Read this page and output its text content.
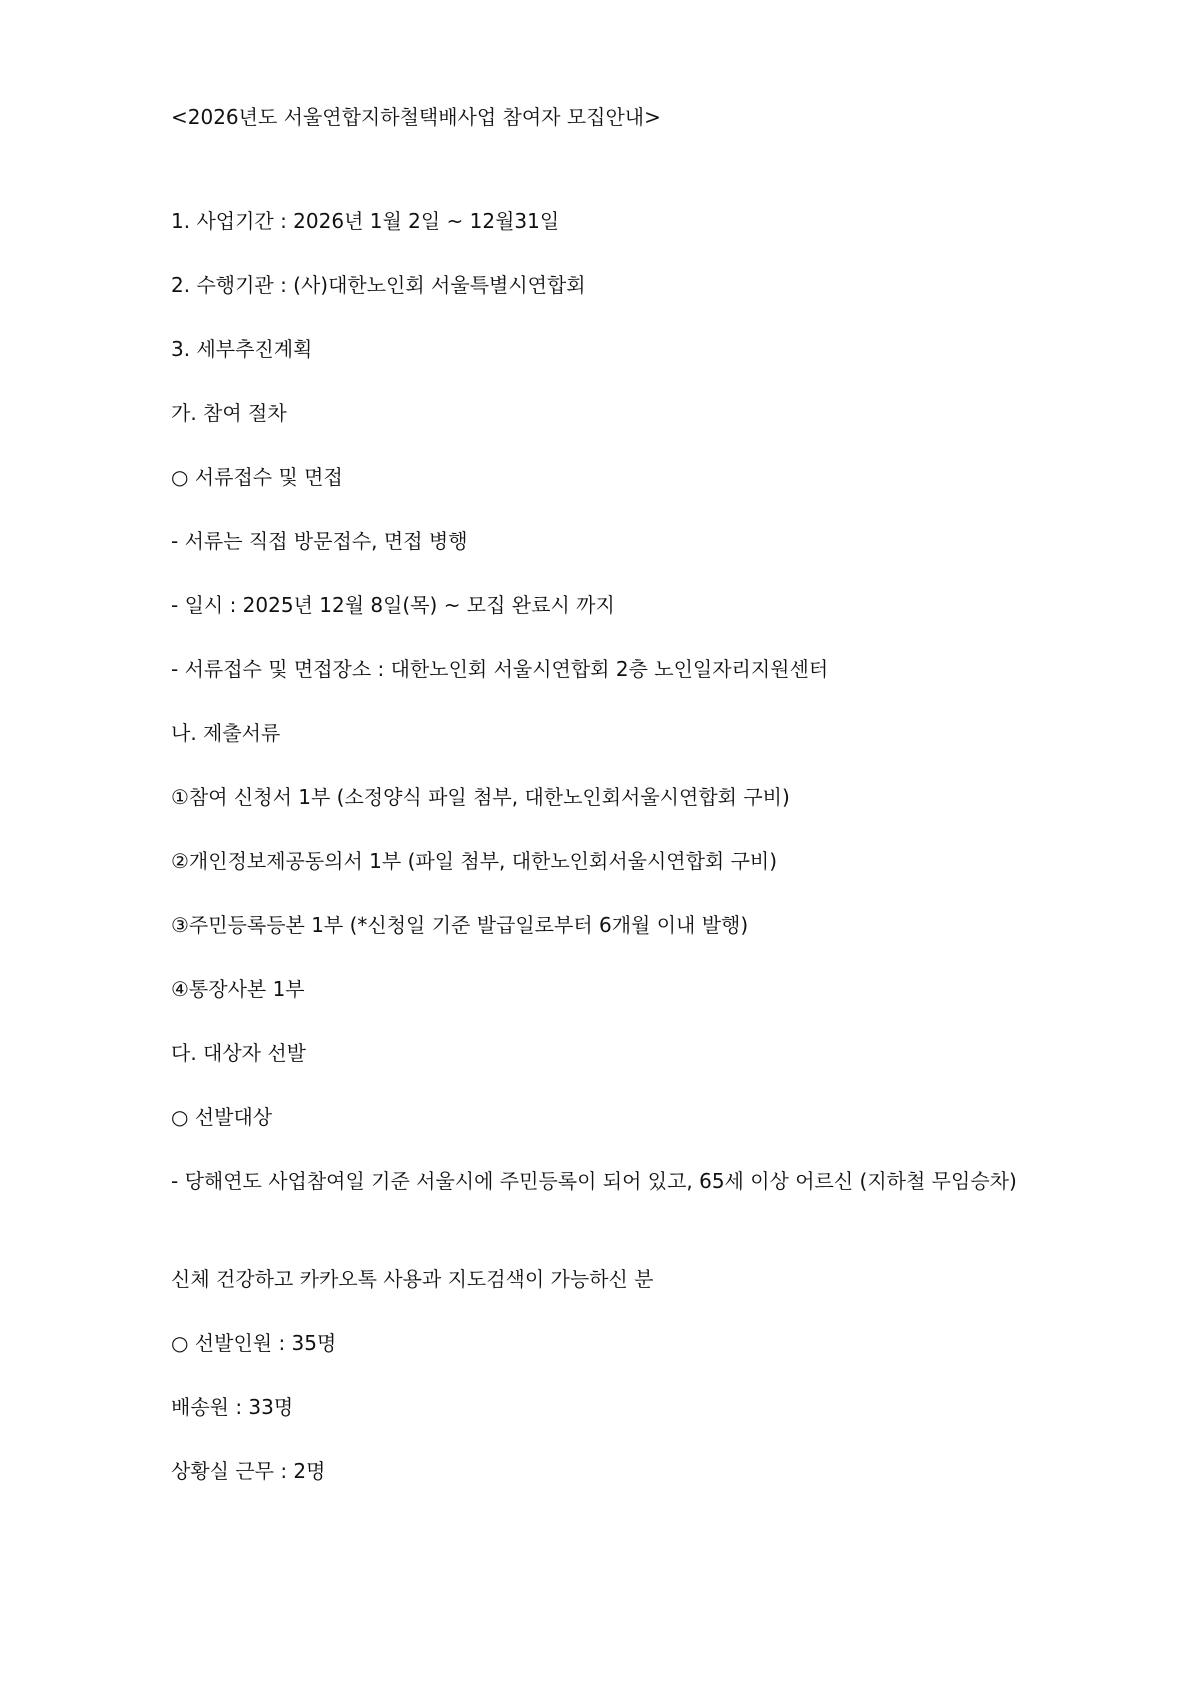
<2026년도 서울연합지하철택배사업 참여자 모집안내>
1. 사업기간 : 2026년 1월 2일 ~ 12월31일
2. 수행기관 : (사)대한노인회 서울특별시연합회
3. 세부추진계획
가. 참여 절차
○ 서류접수 및 면접
- 서류는 직접 방문접수, 면접 병행
- 일시 : 2025년 12월 8일(목) ~ 모집 완료시 까지
- 서류접수 및 면접장소 : 대한노인회 서울시연합회 2층 노인일자리지원센터
나. 제출서류
①참여 신청서 1부 (소정양식 파일 첨부, 대한노인회서울시연합회 구비)
②개인정보제공동의서 1부 (파일 첨부, 대한노인회서울시연합회 구비)
③주민등록등본 1부 (*신청일 기준 발급일로부터 6개월 이내 발행)
④통장사본 1부
다. 대상자 선발
○ 선발대상
- 당해연도 사업참여일 기준 서울시에 주민등록이 되어 있고, 65세 이상 어르신 (지하철 무임승차)
신체 건강하고 카카오톡 사용과 지도검색이 가능하신 분
○ 선발인원 : 35명
배송원 : 33명
상황실 근무 : 2명
